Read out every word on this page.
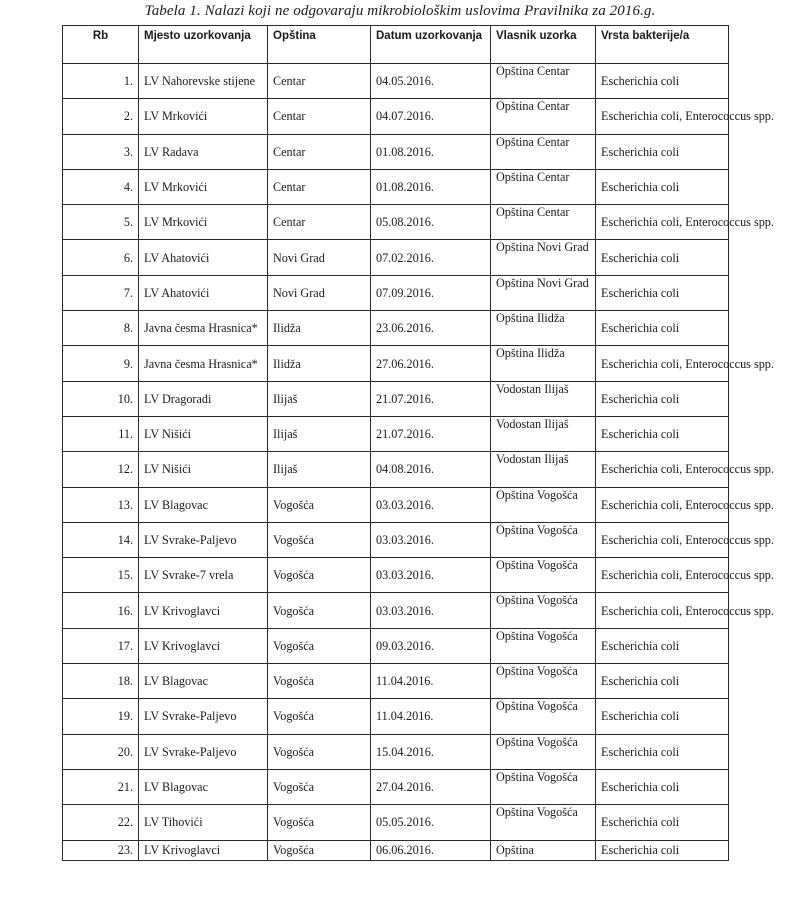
Tabela 1. Nalazi koji ne odgovaraju mikrobiološkim uslovima Pravilnika za 2016.g.
Rb	Mjesto uzorkovanja	Opština	Datum uzorkovanja	Vlasnik uzorka	Vrsta bakterije/a
1.	LV Nahorevske stijene	Centar	04.05.2016.	Opština Centar	Escherichia coli
2.	LV Mrkovići	Centar	04.07.2016.	Opština Centar	Escherichia coli, Enterococcus spp.
3.	LV Radava	Centar	01.08.2016.	Opština Centar	Escherichia coli
4.	LV Mrkovići	Centar	01.08.2016.	Opština Centar	Escherichia coli
5.	LV Mrkovići	Centar	05.08.2016.	Opština Centar	Escherichia coli, Enterococcus spp.
6.	LV Ahatovići	Novi Grad	07.02.2016.	Opština Novi Grad	Escherichia coli
7.	LV Ahatovići	Novi Grad	07.09.2016.	Opština Novi Grad	Escherichia coli
8.	Javna česma Hrasnica*	Ilidža	23.06.2016.	Opština Ilidža	Escherichia coli
9.	Javna česma Hrasnica*	Ilidža	27.06.2016.	Opština Ilidža	Escherichia coli, Enterococcus spp.
10.	LV Dragoradi	Ilijaš	21.07.2016.	Vodostan Ilijaš	Escherichia coli
11.	LV Nišići	Ilijaš	21.07.2016.	Vodostan Ilijaš	Escherichia coli
12.	LV Nišići	Ilijaš	04.08.2016.	Vodostan Ilijaš	Escherichia coli, Enterococcus spp.
13.	LV Blagovac	Vogošća	03.03.2016.	Opština Vogošća	Escherichia coli, Enterococcus spp.
14.	LV Svrake-Paljevo	Vogošća	03.03.2016.	Opština Vogošća	Escherichia coli, Enterococcus spp.
15.	LV Svrake-7 vrela	Vogošća	03.03.2016.	Opština Vogošća	Escherichia coli, Enterococcus spp.
16.	LV Krivoglavci	Vogošća	03.03.2016.	Opština Vogošća	Escherichia coli, Enterococcus spp.
17.	LV Krivoglavci	Vogošća	09.03.2016.	Opština Vogošća	Escherichia coli
18.	LV Blagovac	Vogošća	11.04.2016.	Opština Vogošća	Escherichia coli
19.	LV Svrake-Paljevo	Vogošća	11.04.2016.	Opština Vogošća	Escherichia coli
20.	LV Svrake-Paljevo	Vogošća	15.04.2016.	Opština Vogošća	Escherichia coli
21.	LV Blagovac	Vogošća	27.04.2016.	Opština Vogošća	Escherichia coli
22.	LV Tihovići	Vogošća	05.05.2016.	Opština Vogošća	Escherichia coli
23.	LV Krivoglavci	Vogošća	06.06.2016.	Opština	Escherichia coli
